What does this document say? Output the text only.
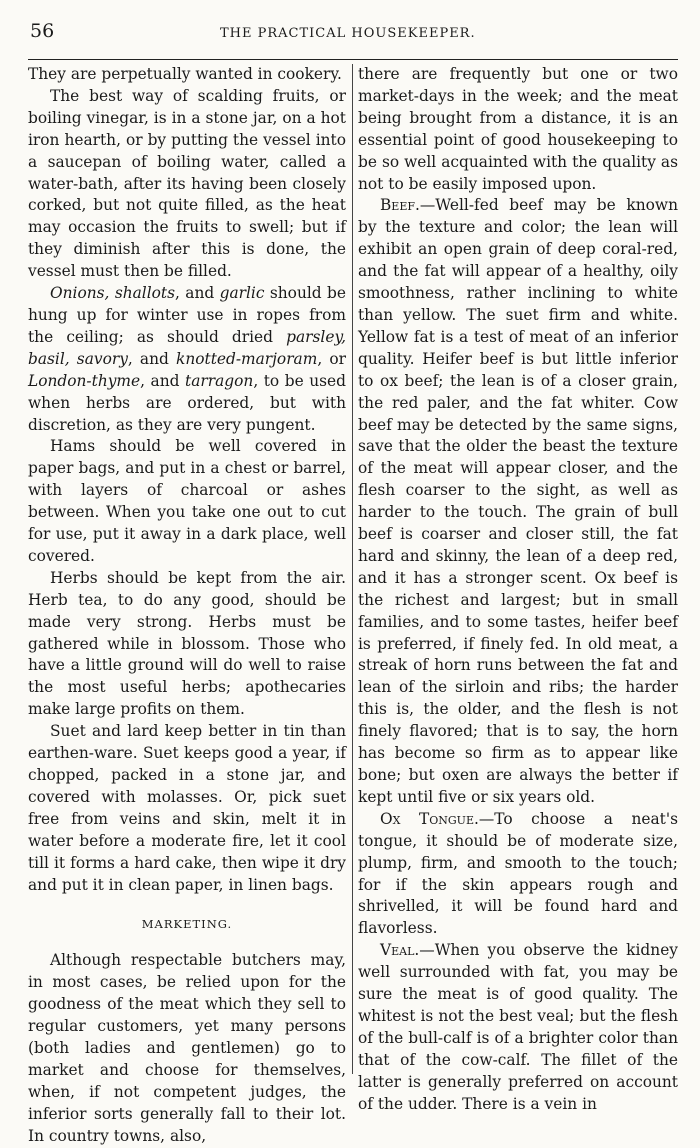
56	THE PRACTICAL HOUSEKEEPER.

They are perpetually wanted in cookery.

The best way of scalding fruits, or boiling vinegar, is in a stone jar, on a hot iron hearth, or by putting the vessel into a saucepan of boiling water, called a water-bath, after its having been closely corked, but not quite filled, as the heat may occasion the fruits to swell; but if they diminish after this is done, the vessel must then be filled.

Onions, shallots, and garlic should be hung up for winter use in ropes from the ceiling; as should dried parsley, basil, savory, and knotted-marjoram, or London-thyme, and tarragon, to be used when herbs are ordered, but with discretion, as they are very pungent.

Hams should be well covered in paper bags, and put in a chest or barrel, with layers of charcoal or ashes between. When you take one out to cut for use, put it away in a dark place, well covered.

Herbs should be kept from the air. Herb tea, to do any good, should be made very strong. Herbs must be gathered while in blossom. Those who have a little ground will do well to raise the most useful herbs; apothecaries make large profits on them.

Suet and lard keep better in tin than earthen-ware. Suet keeps good a year, if chopped, packed in a stone jar, and covered with molasses. Or, pick suet free from veins and skin, melt it in water before a moderate fire, let it cool till it forms a hard cake, then wipe it dry and put it in clean paper, in linen bags.

MARKETING.

Although respectable butchers may, in most cases, be relied upon for the goodness of the meat which they sell to regular customers, yet many persons (both ladies and gentlemen) go to market and choose for themselves, when, if not competent judges, the inferior sorts generally fall to their lot. In country towns, also,

there are frequently but one or two market-days in the week; and the meat being brought from a distance, it is an essential point of good housekeeping to be so well acquainted with the quality as not to be easily imposed upon.

Beef.—Well-fed beef may be known by the texture and color; the lean will exhibit an open grain of deep coral-red, and the fat will appear of a healthy, oily smoothness, rather inclining to white than yellow. The suet firm and white. Yellow fat is a test of meat of an inferior quality. Heifer beef is but little inferior to ox beef; the lean is of a closer grain, the red paler, and the fat whiter. Cow beef may be detected by the same signs, save that the older the beast the texture of the meat will appear closer, and the flesh coarser to the sight, as well as harder to the touch. The grain of bull beef is coarser and closer still, the fat hard and skinny, the lean of a deep red, and it has a stronger scent. Ox beef is the richest and largest; but in small families, and to some tastes, heifer beef is preferred, if finely fed. In old meat, a streak of horn runs between the fat and lean of the sirloin and ribs; the harder this is, the older, and the flesh is not finely flavored; that is to say, the horn has become so firm as to appear like bone; but oxen are always the better if kept until five or six years old.

Ox Tongue.—To choose a neat's tongue, it should be of moderate size, plump, firm, and smooth to the touch; for if the skin appears rough and shrivelled, it will be found hard and flavorless.

Veal.—When you observe the kidney well surrounded with fat, you may be sure the meat is of good quality. The whitest is not the best veal; but the flesh of the bull-calf is of a brighter color than that of the cow-calf. The fillet of the latter is generally preferred on account of the udder. There is a vein in
